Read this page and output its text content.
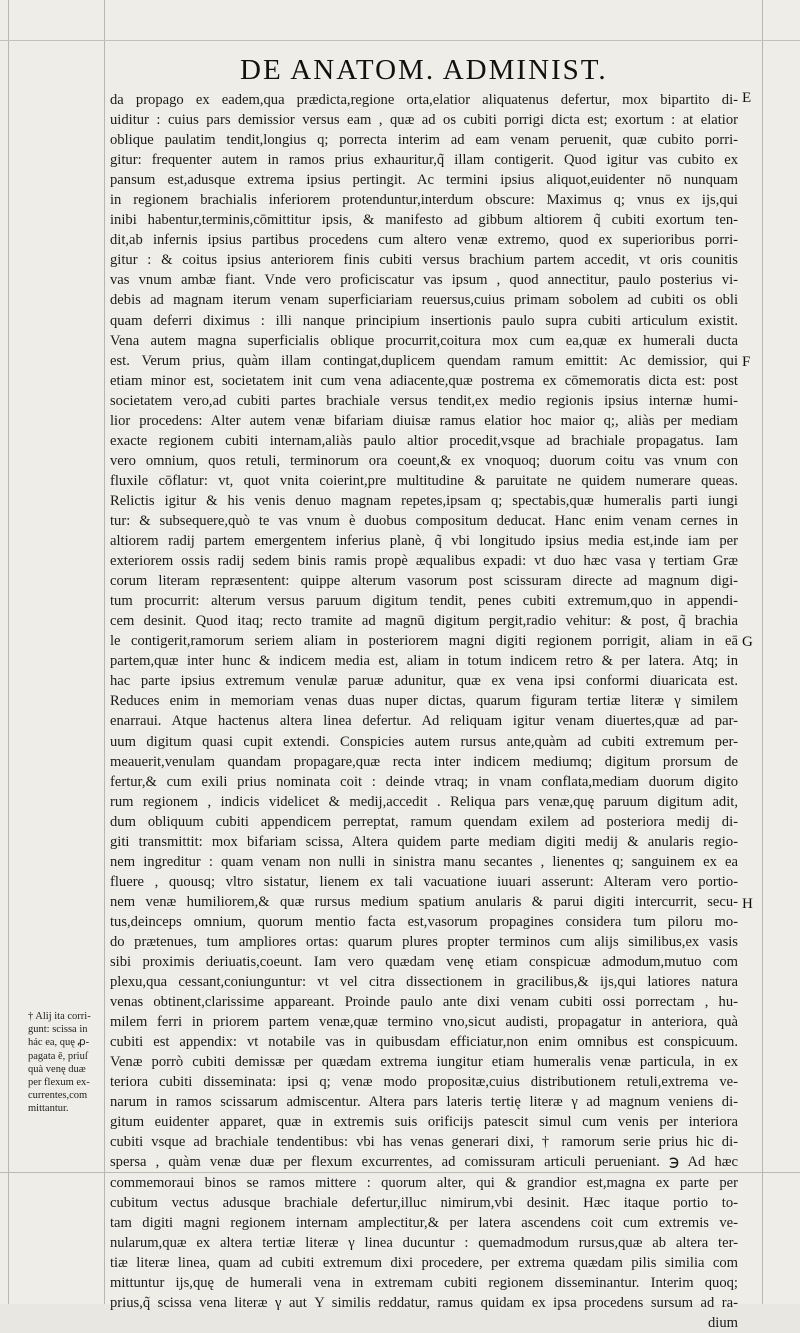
DE ANATOM. ADMINIST.
da propago ex eadem,qua prædicta,regione orta,elatior aliquatenus defertur, mox bipartito di-
uiditur : cuius pars demissior versus eam , quæ ad os cubiti porrigi dicta est; exortum : at elatior
oblique paulatim tendit,longius q; porrecta interim ad eam venam peruenit, quæ cubito porri-
gitur: frequenter autem in ramos prius exhauritur,q̃ illam contigerit. Quod igitur vas cubito ex
pansum est,adusque extrema ipsius pertingit. Ac termini ipsius aliquot,euidenter nō nunquam
in regionem brachialis inferiorem protenduntur,interdum obscure: Maximus q; vnus ex ijs,qui
inibi habentur,terminis,cōmittitur ipsis, & manifesto ad gibbum altiorem q̃ cubiti exortum ten-
dit,ab infernis ipsius partibus procedens cum altero venæ extremo, quod ex superioribus porri-
gitur : & coitus ipsius anteriorem finis cubiti versus brachium partem accedit, vt oris counitis
vas vnum ambæ fiant. Vnde vero proficiscatur vas ipsum , quod annectitur, paulo posterius vi-
debis ad magnam iterum venam superficiariam reuersus,cuius primam sobolem ad cubiti os obli
quam deferri diximus : illi nanque principium insertionis paulo supra cubiti articulum existit.
Vena autem magna superficialis oblique procurrit,coitura mox cum ea,quæ ex humerali ducta
est. Verum prius, quàm illam contingat,duplicem quendam ramum emittit: Ac demissior, qui
etiam minor est, societatem init cum vena adiacente,quæ postrema ex cōmemoratis dicta est: post
societatem vero,ad cubiti partes brachiale versus tendit,ex medio regionis ipsius internæ humi-
lior procedens: Alter autem venæ bifariam diuisæ ramus elatior hoc maior q;, aliàs per mediam
exacte regionem cubiti internam,aliàs paulo altior procedit,vsque ad brachiale propagatus. Iam
vero omnium, quos retuli, terminorum ora coeunt,& ex vnoquoq; duorum coitu vas vnum con
fluxile cōflatur: vt, quot vnita coierint,pre multitudine & paruitate ne quidem numerare queas.
Relictis igitur & his venis denuo magnam repetes,ipsam q; spectabis,quæ humeralis parti iungi
tur: & subsequere,quò te vas vnum è duobus compositum deducat. Hanc enim venam cernes in
altiorem radij partem emergentem inferius planè, q̃ vbi longitudo ipsius media est,inde iam per
exteriorem ossis radij sedem binis ramis propè æqualibus expadi: vt duo hæc vasa γ tertiam Græ
corum literam repræsentent: quippe alterum vasorum post scissuram directe ad magnum digi-
tum procurrit: alterum versus paruum digitum tendit, penes cubiti extremum,quo in appendi-
cem desinit. Quod itaq; recto tramite ad magnū digitum pergit,radio vehitur: & post, q̃ brachia
le contigerit,ramorum seriem aliam in posteriorem magni digiti regionem porrigit, aliam in eā
partem,quæ inter hunc & indicem media est, aliam in totum indicem retro & per latera. Atq; in
hac parte ipsius extremum venulæ paruæ adunitur, quæ ex vena ipsi conformi diuaricata est.
Reduces enim in memoriam venas duas nuper dictas, quarum figuram tertiæ literæ γ similem
enarraui. Atque hactenus altera linea defertur. Ad reliquam igitur venam diuertes,quæ ad par-
uum digitum quasi cupit extendi. Conspicies autem rursus ante,quàm ad cubiti extremum per-
meauerit,venulam quandam propagare,quæ recta inter indicem mediumq; digitum prorsum de
fertur,& cum exili prius nominata coit : deinde vtraq; in vnam conflata,mediam duorum digito
rum regionem , indicis videlicet & medij,accedit . Reliqua pars venæ,quę paruum digitum adit,
dum obliquum cubiti appendicem perreptat, ramum quendam exilem ad posteriora medij di-
giti transmittit: mox bifariam scissa, Altera quidem parte mediam digiti medij & anularis regio-
nem ingreditur : quam venam non nulli in sinistra manu secantes , lienentes q; sanguinem ex ea
fluere , quousq; vltro sistatur, lienem ex tali vacuatione iuuari asserunt: Alteram vero portio-
nem venæ humiliorem,& quæ rursus medium spatium anularis & parui digiti intercurrit, secu-
tus,deinceps omnium, quorum mentio facta est,vasorum propagines considera tum piloru mo-
do prætenues, tum ampliores ortas: quarum plures propter terminos cum alijs similibus,ex vasis
sibi proximis deriuatis,coeunt. Iam vero quædam venę etiam conspicuæ admodum,mutuo com
plexu,qua cessant,coniunguntur: vt vel citra dissectionem in gracilibus,& ijs,qui latiores natura
venas obtinent,clarissime appareant. Proinde paulo ante dixi venam cubiti ossi porrectam , hu-
milem ferri in priorem partem venæ,quæ termino vno,sicut audisti, propagatur in anteriora, quà
cubiti est appendix: vt notabile vas in quibusdam efficiatur,non enim omnibus est conspicuum.
Venæ porrò cubiti demissæ per quædam extrema iungitur etiam humeralis venæ particula, in ex
teriora cubiti disseminata: ipsi q; venæ modo propositæ,cuius distributionem retuli,extrema ve-
narum in ramos scissarum admiscentur. Altera pars lateris tertię literæ γ ad magnum veniens di-
gitum euidenter apparet, quæ in extremis suis orificijs patescit simul cum venis per interiora
cubiti vsque ad brachiale tendentibus: vbi has venas generari dixi, † ramorum serie prius hic di-
spersa , quàm venæ duæ per flexum excurrentes, ad comissuram articuli perueniant. ℈ Ad hæc
commemoraui binos se ramos mittere : quorum alter, qui & grandior est,magna ex parte per
cubitum vectus adusque brachiale defertur,illuc nimirum,vbi desinit. Hæc itaque portio to-
tam digiti magni regionem internam amplectitur,& per latera ascendens coit cum extremis ve-
nularum,quæ ex altera tertiæ literæ γ linea ducuntur : quemadmodum rursus,quæ ab altera ter-
tiæ literæ linea, quam ad cubiti extremum dixi procedere, per extrema quædam pilis similia com
mittuntur ijs,quę de humerali vena in extremam cubiti regionem disseminantur. Interim quoq;
prius,q̃ scissa vena literæ γ aut Υ similis reddatur, ramus quidam ex ipsa procedens sursum ad ra-
dium
E
F
G
H
† Alij ita corri-
gunt: scissa in
hác ea, quę ꝓ-
pagata ē, priuſ
quà venę duæ
per flexum ex-
currentes,com
mittantur.
